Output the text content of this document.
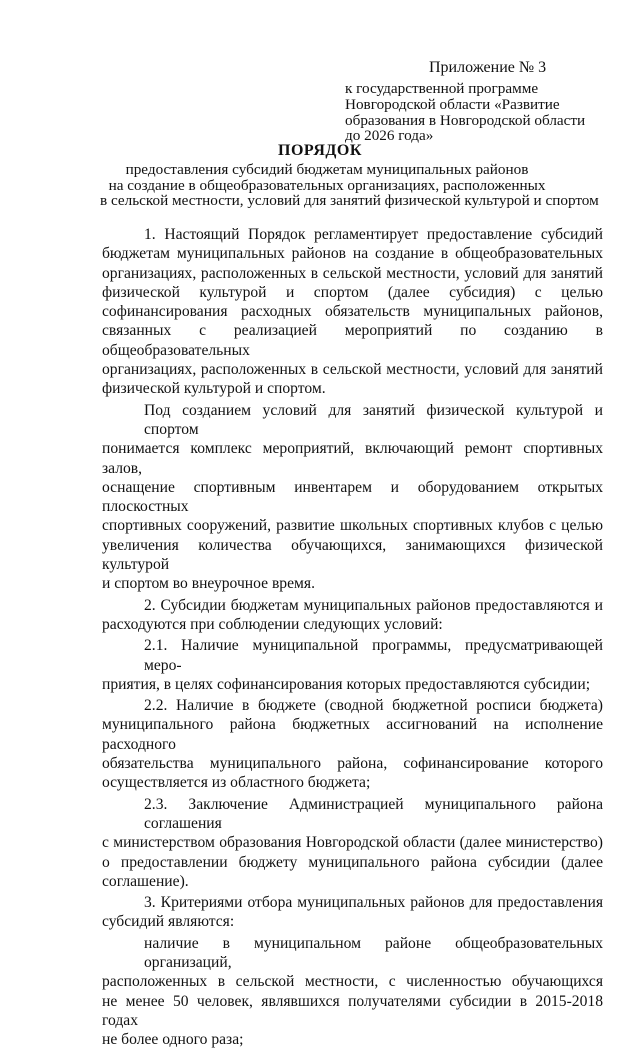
Приложение № 3
к государственной программе
Новгородской области «Развитие
образования в Новгородской области
до 2026 года»
ПОРЯДОК
предоставления субсидий бюджетам муниципальных районов
на создание в общеобразовательных организациях, расположенных
в сельской местности, условий для занятий физической культурой и спортом
1. Настоящий Порядок регламентирует предоставление субсидий
бюджетам муниципальных районов на создание в общеобразовательных
организациях, расположенных в сельской местности, условий для занятий
физической культурой и спортом (далее субсидия) с целью
софинансирования расходных обязательств муниципальных районов,
связанных с реализацией мероприятий по созданию в общеобразовательных
организациях, расположенных в сельской местности, условий для занятий
физической культурой и спортом.
Под созданием условий для занятий физической культурой и спортом
понимается комплекс мероприятий, включающий ремонт спортивных залов,
оснащение спортивным инвентарем и оборудованием открытых плоскостных
спортивных сооружений, развитие школьных спортивных клубов с целью
увеличения количества обучающихся, занимающихся физической культурой
и спортом во внеурочное время.
2. Субсидии бюджетам муниципальных районов предоставляются и
расходуются при соблюдении следующих условий:
2.1. Наличие муниципальной программы, предусматривающей меро-
приятия, в целях софинансирования которых предоставляются субсидии;
2.2. Наличие в бюджете (сводной бюджетной росписи бюджета)
муниципального района бюджетных ассигнований на исполнение расходного
обязательства муниципального района, софинансирование которого
осуществляется из областного бюджета;
2.3. Заключение Администрацией муниципального района соглашения
с министерством образования Новгородской области (далее министерство)
о предоставлении бюджету муниципального района субсидии (далее
соглашение).
3. Критериями отбора муниципальных районов для предоставления
субсидий являются:
наличие в муниципальном районе общеобразовательных организаций,
расположенных в сельской местности, с численностью обучающихся
не менее 50 человек, являвшихся получателями субсидии в 2015-2018 годах
не более одного раза;
